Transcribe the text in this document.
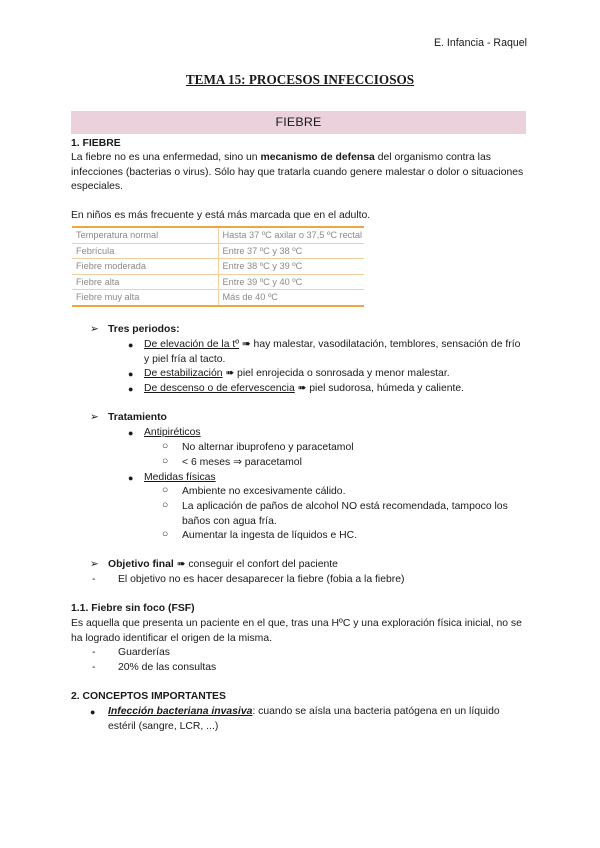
E. Infancia - Raquel
TEMA 15: PROCESOS INFECCIOSOS
FIEBRE
1. FIEBRE
La fiebre no es una enfermedad, sino un mecanismo de defensa del organismo contra las infecciones (bacterias o virus). Sólo hay que tratarla cuando genere malestar o dolor o situaciones especiales.
En niños es más frecuente y está más marcada que en el adulto.
Temperatura normal	Hasta 37 ºC axilar o 37,5 ºC rectal
Febrícula	Entre 37 ºC y 38 ºC
Fiebre moderada	Entre 38 ºC y 39 ºC
Fiebre alta	Entre 39 ºC y 40 ºC
Fiebre muy alta	Más de 40 ºC
➢ Tres periodos:
● De elevación de la tº ➠ hay malestar, vasodilatación, temblores, sensación de frío y piel fría al tacto.
● De estabilización ➠ piel enrojecida o sonrosada y menor malestar.
● De descenso o de efervescencia ➠ piel sudorosa, húmeda y caliente.
➢ Tratamiento
● Antipiréticos
○ No alternar ibuprofeno y paracetamol
○ < 6 meses ⇒ paracetamol
● Medidas físicas
○ Ambiente no excesivamente cálido.
○ La aplicación de paños de alcohol NO está recomendada, tampoco los baños con agua fría.
○ Aumentar la ingesta de líquidos e HC.
➢ Objetivo final ➠ conseguir el confort del paciente
- El objetivo no es hacer desaparecer la fiebre (fobia a la fiebre)
1.1. Fiebre sin foco (FSF)
Es aquella que presenta un paciente en el que, tras una HºC y una exploración física inicial, no se ha logrado identificar el origen de la misma.
- Guarderías
- 20% de las consultas
2. CONCEPTOS IMPORTANTES
● Infección bacteriana invasiva: cuando se aísla una bacteria patógena en un líquido estéril (sangre, LCR, ...)
